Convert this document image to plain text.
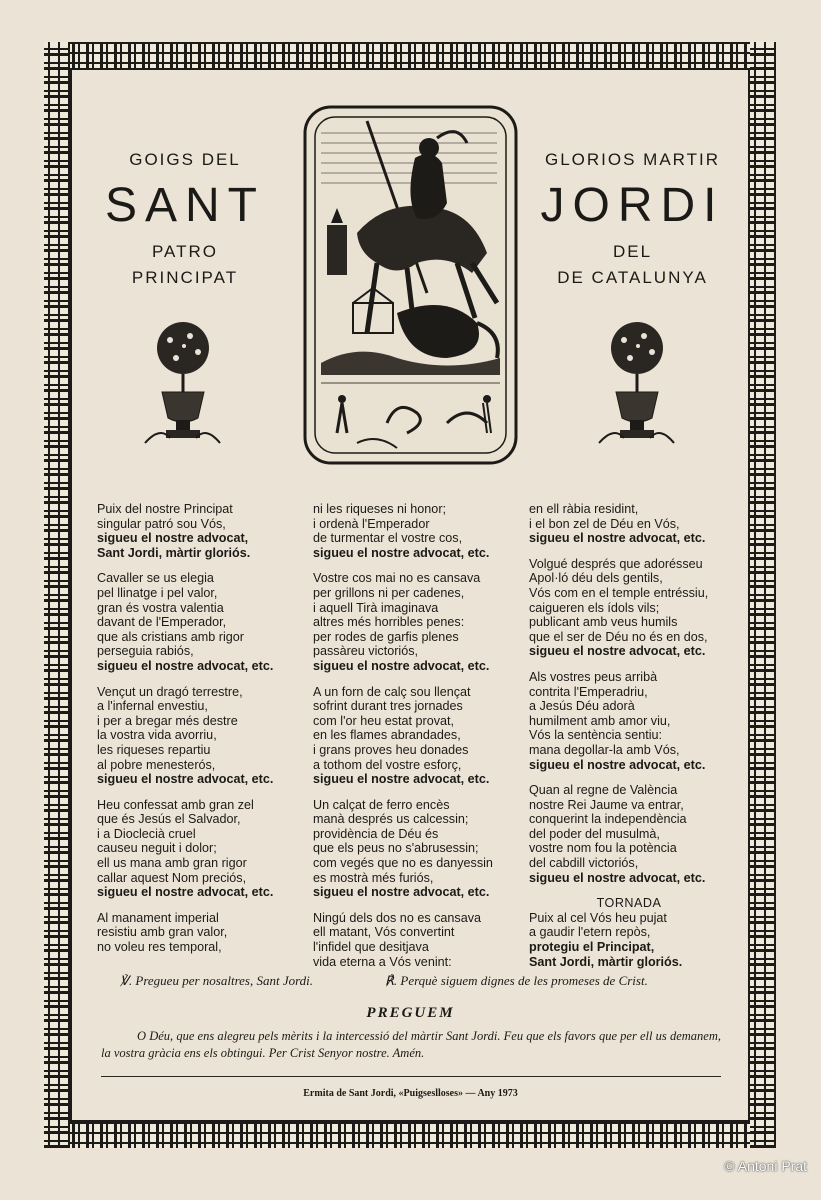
GOIGS DEL	GLORIOS MARTIR
SANT	JORDI
PATRO	DEL
PRINCIPAT	DE CATALUNYA
Puix del nostre Principat
singular patró sou Vós,
sigueu el nostre advocat,
Sant Jordi, màrtir gloriós.
Cavaller se us elegia
pel llinatge i pel valor,
gran és vostra valentia
davant de l'Emperador,
que als cristians amb rigor
perseguia rabiós,
sigueu el nostre advocat, etc.
Vençut un dragó terrestre,
a l'infernal envestiu,
i per a bregar més destre
la vostra vida avorriu,
les riqueses repartiu
al pobre menesterós,
sigueu el nostre advocat, etc.
Heu confessat amb gran zel
que és Jesús el Salvador,
i a Dioclecià cruel
causeu neguit i dolor;
ell us mana amb gran rigor
callar aquest Nom preciós,
sigueu el nostre advocat, etc.
Al manament imperial
resistiu amb gran valor,
no voleu res temporal,
ni les riqueses ni honor;
i ordenà l'Emperador
de turmentar el vostre cos,
sigueu el nostre advocat, etc.
Vostre cos mai no es cansava
per grillons ni per cadenes,
i aquell Tirà imaginava
altres més horribles penes:
per rodes de garfis plenes
passàreu victoriós,
sigueu el nostre advocat, etc.
A un forn de calç sou llençat
sofrint durant tres jornades
com l'or heu estat provat,
en les flames abrandades,
i grans proves heu donades
a tothom del vostre esforç,
sigueu el nostre advocat, etc.
Un calçat de ferro encès
manà després us calcessin;
providència de Déu és
que els peus no s'abrusessin;
com vegés que no es danyessin
es mostrà més furiós,
sigueu el nostre advocat, etc.
Ningú dels dos no es cansava
ell matant, Vós convertint
l'infidel que desitjava
vida eterna a Vós venint:
en ell ràbia residint,
i el bon zel de Déu en Vós,
sigueu el nostre advocat, etc.
Volgué després que adorésseu
Apol·ló déu dels gentils,
Vós com en el temple entréssiu,
caigueren els ídols vils;
publicant amb veus humils
que el ser de Déu no és en dos,
sigueu el nostre advocat, etc.
Als vostres peus arribà
contrita l'Emperadriu,
a Jesús Déu adorà
humilment amb amor viu,
Vós la sentència sentiu:
mana degollar-la amb Vós,
sigueu el nostre advocat, etc.
Quan al regne de València
nostre Rei Jaume va entrar,
conquerint la independència
del poder del musulmà,
vostre nom fou la potència
del cabdill victoriós,
sigueu el nostre advocat, etc.
TORNADA
Puix al cel Vós heu pujat
a gaudir l'etern repòs,
protegiu el Principat,
Sant Jordi, màrtir gloriós.
℣. Pregueu per nosaltres, Sant Jordi.	℟. Perquè siguem dignes de les promeses de Crist.
PREGUEM
O Déu, que ens alegreu pels mèrits i la intercessió del màrtir Sant Jordi. Feu que els favors que per ell us demanem, la vostra gràcia ens els obtingui. Per Crist Senyor nostre. Amén.
Ermita de Sant Jordi, «Puigseslloses» — Any 1973
© Antoni Prat
